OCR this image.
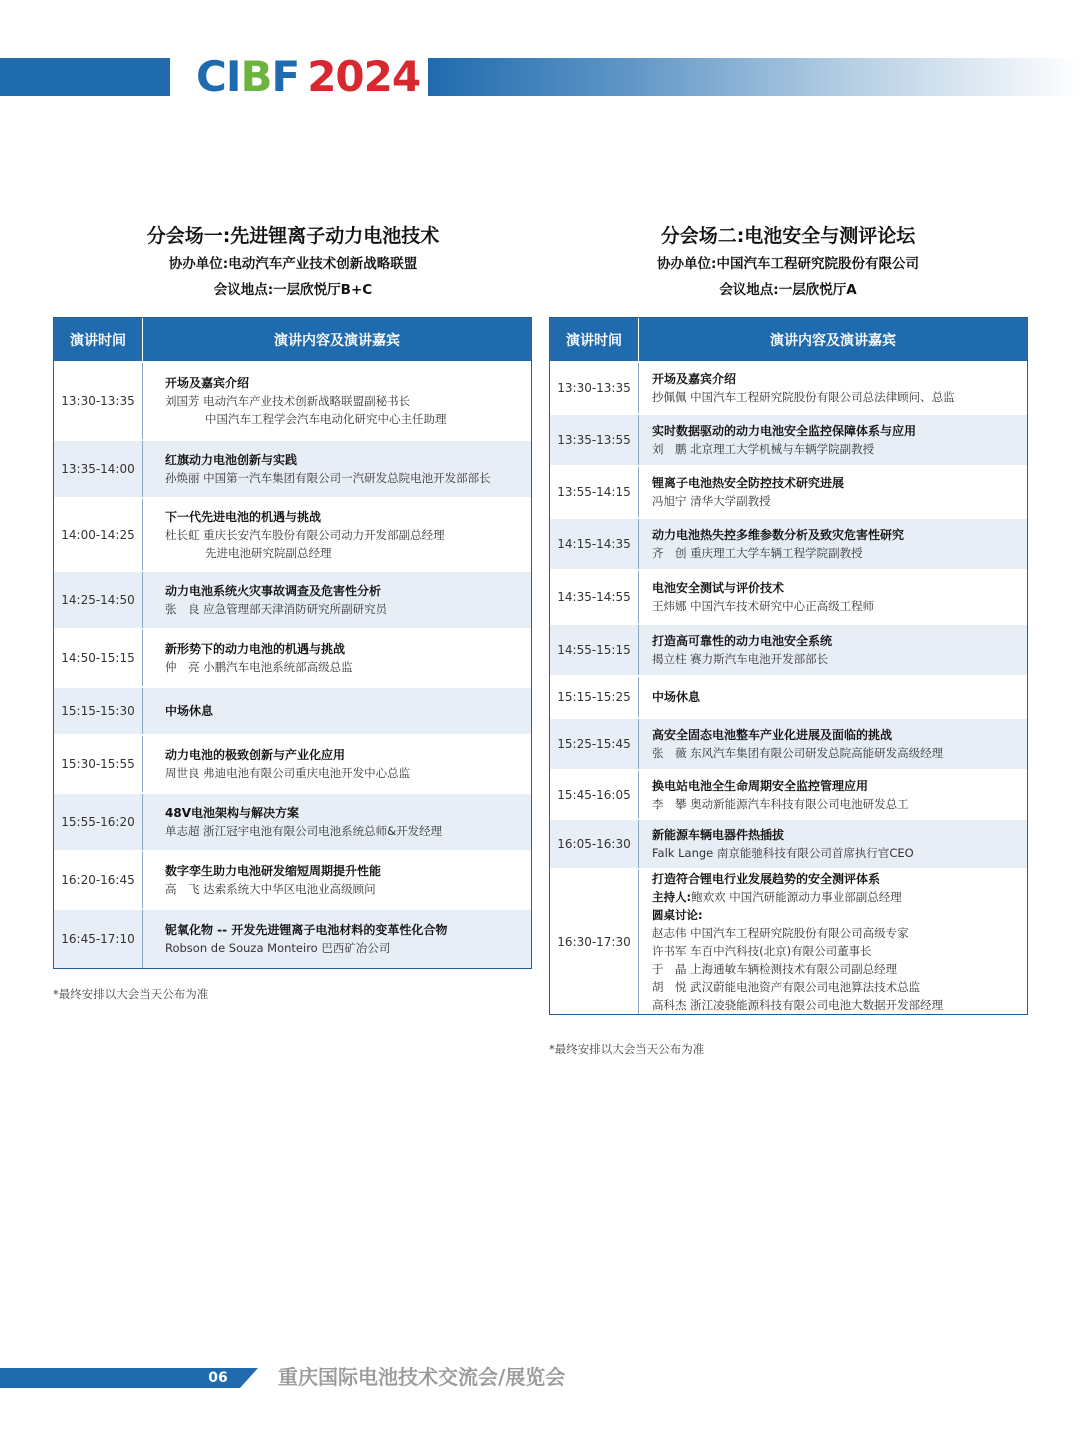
C I B F 2024
分会场一:先进锂离子动力电池技术
协办单位:电动汽车产业技术创新战略联盟
会议地点:一层欣悦厅B+C
分会场二:电池安全与测评论坛
协办单位:中国汽车工程研究院股份有限公司
会议地点:一层欣悦厅A
演讲时间	演讲内容及演讲嘉宾
13:30-13:35
开场及嘉宾介绍
刘国芳 电动汽车产业技术创新战略联盟副秘书长
中国汽车工程学会汽车电动化研究中心主任助理
13:35-14:00
红旗动力电池创新与实践
孙焕丽 中国第一汽车集团有限公司一汽研发总院电池开发部部长
14:00-14:25
下一代先进电池的机遇与挑战
杜长虹 重庆长安汽车股份有限公司动力开发部副总经理
先进电池研究院副总经理
14:25-14:50
动力电池系统火灾事故调查及危害性分析
张　良 应急管理部天津消防研究所副研究员
14:50-15:15
新形势下的动力电池的机遇与挑战
仲　亮 小鹏汽车电池系统部高级总监
15:15-15:30	中场休息
15:30-15:55
动力电池的极致创新与产业化应用
周世良 弗迪电池有限公司重庆电池开发中心总监
15:55-16:20
48V电池架构与解决方案
单志超 浙江冠宇电池有限公司电池系统总师&开发经理
16:20-16:45
数字孪生助力电池研发缩短周期提升性能
高　飞 达索系统大中华区电池业高级顾问
16:45-17:10
铌氧化物 -- 开发先进锂离子电池材料的变革性化合物
Robson de Souza Monteiro 巴西矿冶公司
*最终安排以大会当天公布为准
演讲时间	演讲内容及演讲嘉宾
13:30-13:35
开场及嘉宾介绍
抄佩佩 中国汽车工程研究院股份有限公司总法律顾问、总监
13:35-13:55
实时数据驱动的动力电池安全监控保障体系与应用
刘　鹏 北京理工大学机械与车辆学院副教授
13:55-14:15
锂离子电池热安全防控技术研究进展
冯旭宁 清华大学副教授
14:15-14:35
动力电池热失控多维参数分析及致灾危害性研究
齐　创 重庆理工大学车辆工程学院副教授
14:35-14:55
电池安全测试与评价技术
王炜娜 中国汽车技术研究中心正高级工程师
14:55-15:15
打造高可靠性的动力电池安全系统
揭立柱 赛力斯汽车电池开发部部长
15:15-15:25	中场休息
15:25-15:45
高安全固态电池整车产业化进展及面临的挑战
张　薇 东风汽车集团有限公司研发总院高能研发高级经理
15:45-16:05
换电站电池全生命周期安全监控管理应用
李　攀 奥动新能源汽车科技有限公司电池研发总工
16:05-16:30
新能源车辆电器件热插拔
Falk Lange 南京能驰科技有限公司首席执行官CEO
16:30-17:30
打造符合锂电行业发展趋势的安全测评体系
主持人:鲍欢欢 中国汽研能源动力事业部副总经理
圆桌讨论:
赵志伟 中国汽车工程研究院股份有限公司高级专家
许书军 车百中汽科技(北京)有限公司董事长
于　晶 上海通敏车辆检测技术有限公司副总经理
胡　悦 武汉蔚能电池资产有限公司电池算法技术总监
高科杰 浙江凌骁能源科技有限公司电池大数据开发部经理
*最终安排以大会当天公布为准
06	重庆国际电池技术交流会/展览会
